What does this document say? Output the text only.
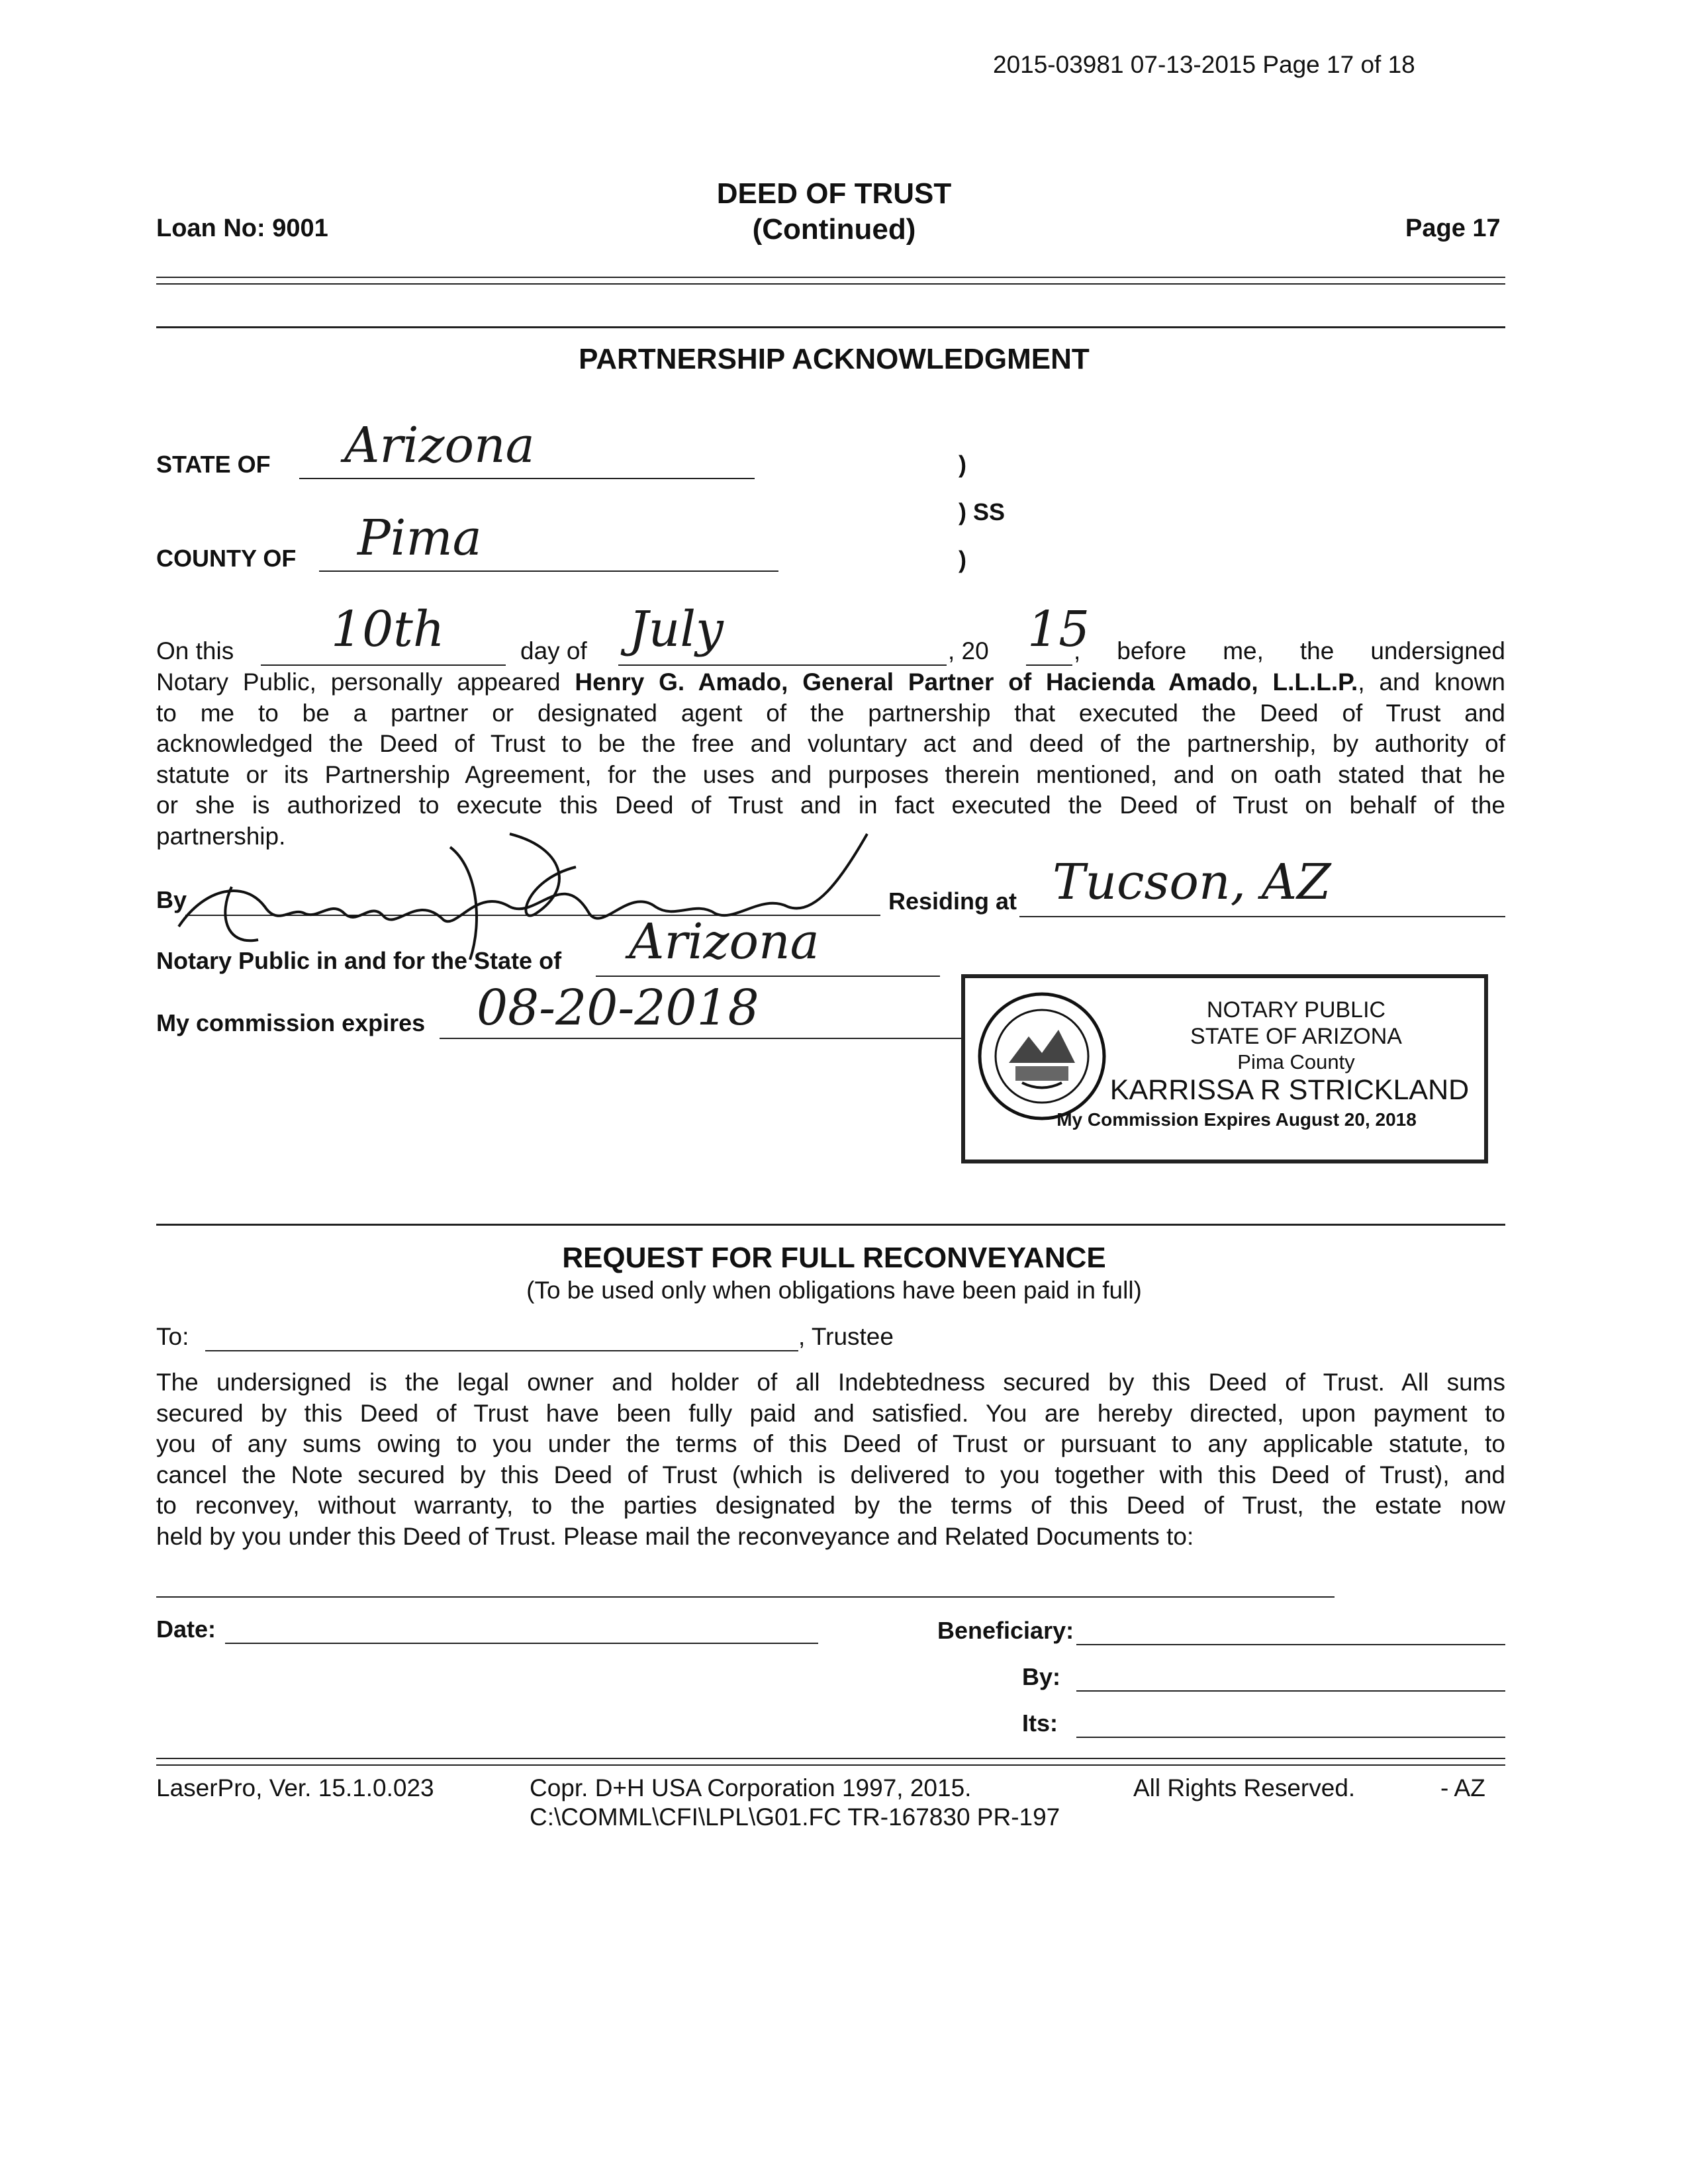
2015-03981 07-13-2015 Page 17 of 18
Loan No: 9001
DEED OF TRUST
(Continued)	Page 17
PARTNERSHIP ACKNOWLEDGMENT
STATE OF Arizona	)
) SS
COUNTY OF Pima	)
On this 10th	day of July	, 20 15
, before me, the undersigned
Notary Public, personally appeared Henry G. Amado, General Partner of Hacienda Amado, L.L.L.P., and known
to me to be a partner or designated agent of the partnership that executed the Deed of Trust and
acknowledged the Deed of Trust to be the free and voluntary act and deed of the partnership, by authority of
statute or its Partnership Agreement, for the uses and purposes therein mentioned, and on oath stated that he
or she is authorized to execute this Deed of Trust and in fact executed the Deed of Trust on behalf of the
partnership.
By	Residing at Tucson, AZ
Notary Public in and for the State of Arizona
My commission expires 08-20-2018	NOTARY PUBLIC
STATE OF ARIZONA
Pima County
KARRISSA R STRICKLAND
My Commission Expires August 20, 2018
REQUEST FOR FULL RECONVEYANCE
(To be used only when obligations have been paid in full)
To:	, Trustee
The undersigned is the legal owner and holder of all Indebtedness secured by this Deed of Trust. All sums
secured by this Deed of Trust have been fully paid and satisfied. You are hereby directed, upon payment to
you of any sums owing to you under the terms of this Deed of Trust or pursuant to any applicable statute, to
cancel the Note secured by this Deed of Trust (which is delivered to you together with this Deed of Trust), and
to reconvey, without warranty, to the parties designated by the terms of this Deed of Trust, the estate now
held by you under this Deed of Trust. Please mail the reconveyance and Related Documents to:
Date:	Beneficiary:
By:
Its:
LaserPro, Ver. 15.1.0.023	Copr. D+H USA Corporation 1997, 2015.	All Rights Reserved.	- AZ
C:\COMML\CFI\LPL\G01.FC TR-167830 PR-197
